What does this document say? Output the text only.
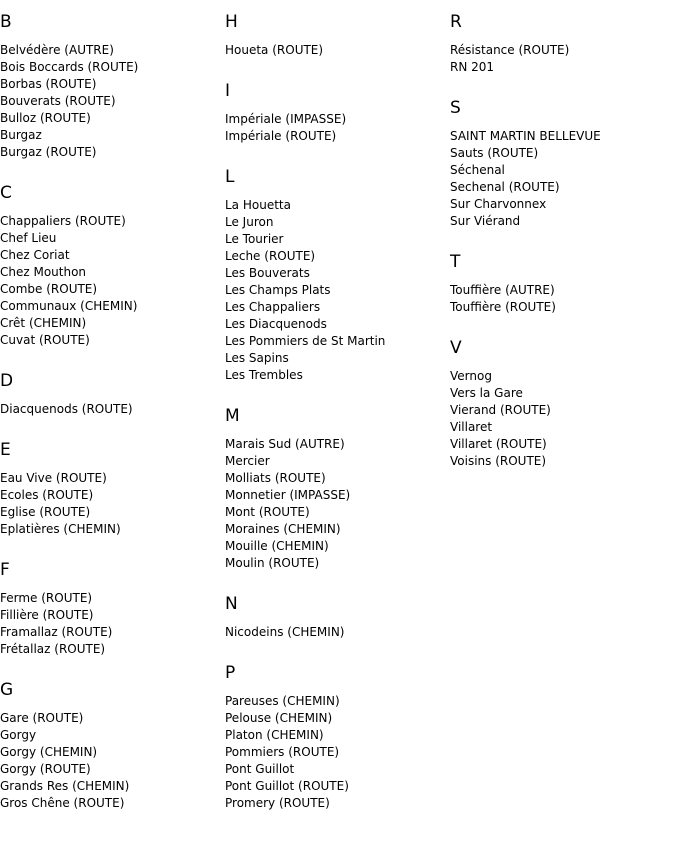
B
Belvédère (AUTRE)
Bois Boccards (ROUTE)
Borbas (ROUTE)
Bouverats (ROUTE)
Bulloz (ROUTE)
Burgaz
Burgaz (ROUTE)
C
Chappaliers (ROUTE)
Chef Lieu
Chez Coriat
Chez Mouthon
Combe (ROUTE)
Communaux (CHEMIN)
Crêt (CHEMIN)
Cuvat (ROUTE)
D
Diacquenods (ROUTE)
E
Eau Vive (ROUTE)
Ecoles (ROUTE)
Eglise (ROUTE)
Eplatières (CHEMIN)
F
Ferme (ROUTE)
Fillière (ROUTE)
Framallaz (ROUTE)
Frétallaz (ROUTE)
G
Gare (ROUTE)
Gorgy
Gorgy (CHEMIN)
Gorgy (ROUTE)
Grands Res (CHEMIN)
Gros Chêne (ROUTE)
H
Houeta (ROUTE)
I
Impériale (IMPASSE)
Impériale (ROUTE)
L
La Houetta
Le Juron
Le Tourier
Leche (ROUTE)
Les Bouverats
Les Champs Plats
Les Chappaliers
Les Diacquenods
Les Pommiers de St Martin
Les Sapins
Les Trembles
M
Marais Sud (AUTRE)
Mercier
Molliats (ROUTE)
Monnetier (IMPASSE)
Mont (ROUTE)
Moraines (CHEMIN)
Mouille (CHEMIN)
Moulin (ROUTE)
N
Nicodeins (CHEMIN)
P
Pareuses (CHEMIN)
Pelouse (CHEMIN)
Platon (CHEMIN)
Pommiers (ROUTE)
Pont Guillot
Pont Guillot (ROUTE)
Promery (ROUTE)
R
Résistance (ROUTE)
RN 201
S
SAINT MARTIN BELLEVUE
Sauts (ROUTE)
Séchenal
Sechenal (ROUTE)
Sur Charvonnex
Sur Viérand
T
Touffière (AUTRE)
Touffière (ROUTE)
V
Vernog
Vers la Gare
Vierand (ROUTE)
Villaret
Villaret (ROUTE)
Voisins (ROUTE)
